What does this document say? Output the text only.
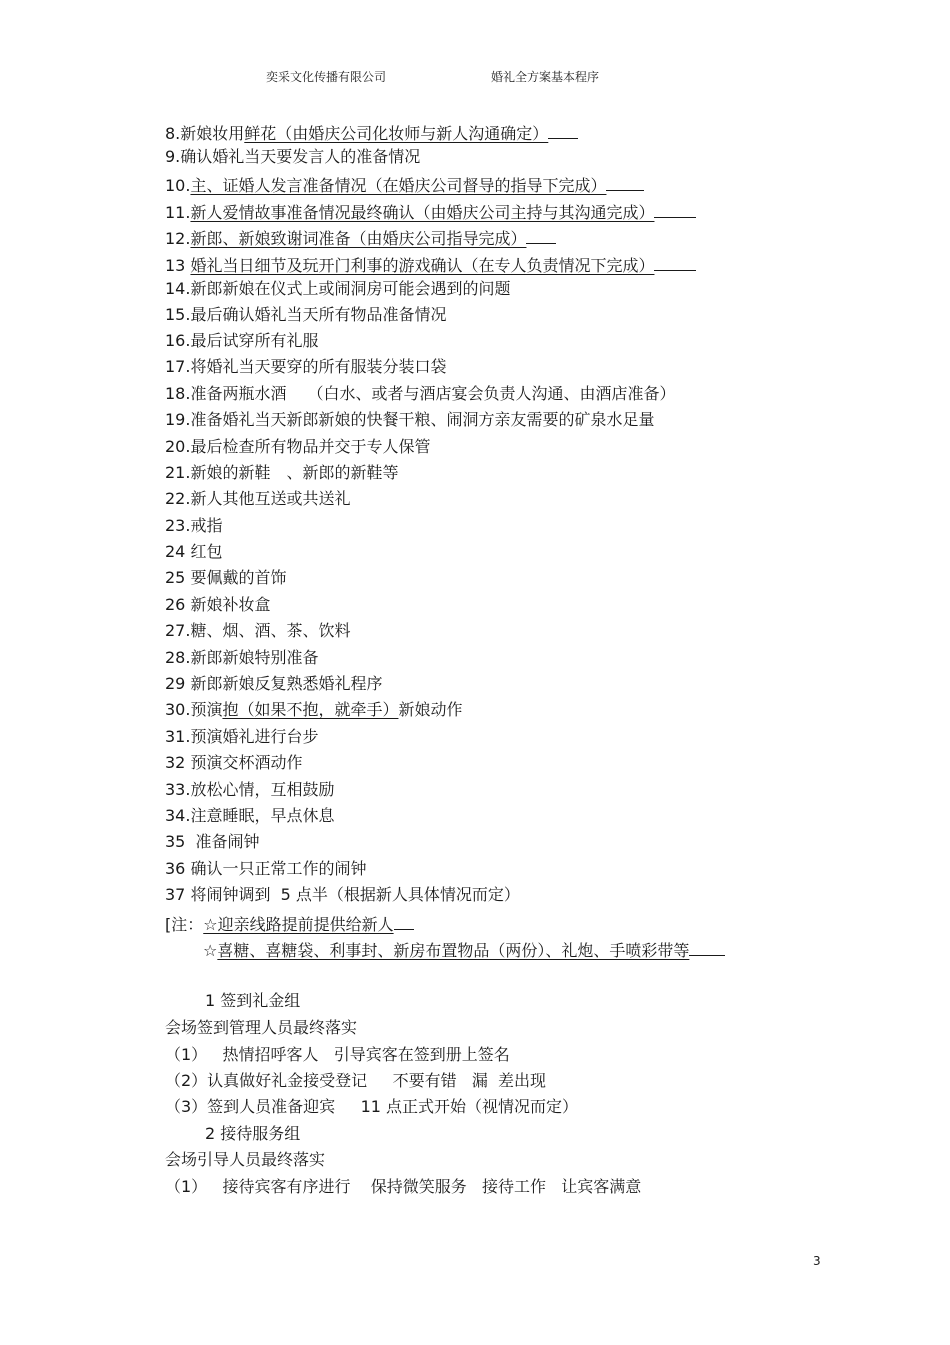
奕采文化传播有限公司	婚礼全方案基本程序
8.新娘妆用鲜花（由婚庆公司化妆师与新人沟通确定）
9.确认婚礼当天要发言人的准备情况
10.主、证婚人发言准备情况（在婚庆公司督导的指导下完成）
11.新人爱情故事准备情况最终确认（由婚庆公司主持与其沟通完成）
12.新郎、新娘致谢词准备（由婚庆公司指导完成）
13 婚礼当日细节及玩开门利事的游戏确认（在专人负责情况下完成）
14.新郎新娘在仪式上或闹洞房可能会遇到的问题
15.最后确认婚礼当天所有物品准备情况
16.最后试穿所有礼服
17.将婚礼当天要穿的所有服装分装口袋
18.准备两瓶水酒　 （白水、或者与酒店宴会负责人沟通、由酒店准备）
19.准备婚礼当天新郎新娘的快餐干粮、闹洞方亲友需要的矿泉水足量
20.最后检查所有物品并交于专人保管
21.新娘的新鞋　、新郎的新鞋等
22.新人其他互送或共送礼
23.戒指
24 红包
25 要佩戴的首饰
26 新娘补妆盒
27.糖、烟、酒、茶、饮料
28.新郎新娘特别准备
29 新郎新娘反复熟悉婚礼程序
30.预演抱（如果不抱，就牵手）新娘动作
31.预演婚礼进行台步
32 预演交杯酒动作
33.放松心情，互相鼓励
34.注意睡眠，早点休息
35  准备闹钟
36 确认一只正常工作的闹钟
37 将闹钟调到  5 点半（根据新人具体情况而定）
[注：☆迎亲线路提前提供给新人
☆喜糖、喜糖袋、利事封、新房布置物品（两份）、礼炮、手喷彩带等
1 签到礼金组
会场签到管理人员最终落实
（1）   热情招呼客人   引导宾客在签到册上签名
（2）认真做好礼金接受登记     不要有错   漏  差出现
（3）签到人员准备迎宾     11 点正式开始（视情况而定）
2 接待服务组
会场引导人员最终落实
（1）   接待宾客有序进行    保持微笑服务   接待工作   让宾客满意
3
